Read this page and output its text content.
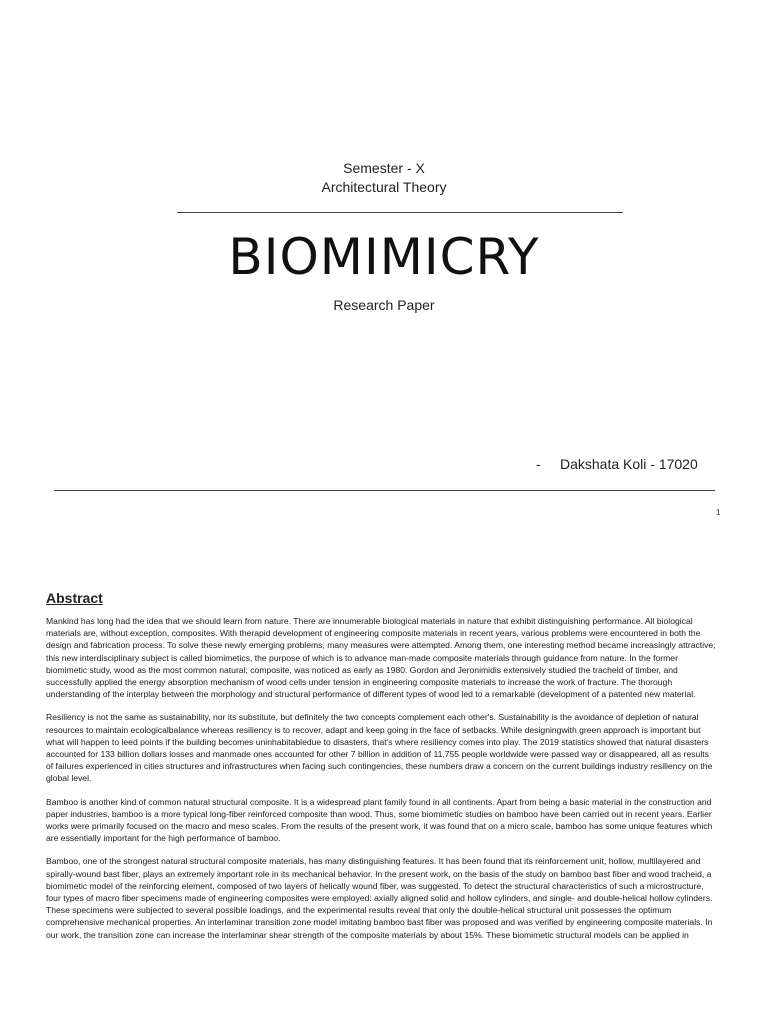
Semester - X
Architectural Theory
BIOMIMICRY
Research Paper
- Dakshata Koli - 17020
1
Abstract

Mankind has long had the idea that we should learn from nature. There are innumerable biological materials in nature that exhibit distinguishing performance. All biological materials are, without exception, composites. With therapid development of engineering composite materials in recent years, various problems were encountered in both the design and fabrication process. To solve these newly emerging problems, many measures were attempted. Among them, one interesting method became increasingly attractive; this new interdisciplinary subject is called biomimetics, the purpose of which is to advance man-made composite materials through guidance from nature. In the former biomimetic study, wood as the most common natural; composite, was noticed as early as 1980. Gordon and Jeronimidis extensively studied the tracheid of timber, and successfully applied the energy absorption mechanism of wood cells under tension in engineering composite materials to increase the work of fracture. The thorough understanding of the interplay between the morphology and structural performance of different types of wood led to a remarkable (development of a patented new material.

Resiliency is not the same as sustainability, nor its substitute, but definitely the two concepts complement each other's. Sustainability is the avoidance of depletion of natural resources to maintain ecologicalbalance whereas resiliency is to recover, adapt and keep going in the face of setbacks. While designingwith green approach is important but what will happen to leed points if the building becomes uninhabitabledue to disasters, that's where resiliency comes into play. The 2019 statistics showed that natural disasters accounted for 133 billion dollars losses and manmade ones accounted for other 7 billion in addition of 11,755 people worldwide were passed way or disappeared, all as results of failures experienced in cities structures and infrastructures when facing such contingencies, these numbers draw a concern on the current buildings industry resiliency on the global level.

Bamboo is another kind of common natural structural composite. It is a widespread plant family found in all continents. Apart from being a basic material in the construction and paper industries, bamboo is a more typical long-fiber reinforced composite than wood. Thus, some biomimetic studies on bamboo have been carried out in recent years. Earlier works were primarily focused on the macro and meso scales. From the results of the present work, it was found that on a micro scale, bamboo has some unique features which are essentially important for the high performance of bamboo.

Bamboo, one of the strongest natural structural composite materials, has many distinguishing features. It has been found that its reinforcement unit, hollow, multilayered and spirally-wound bast fiber, plays an extremely important role in its mechanical behavior. In the present work, on the basis of the study on bamboo bast fiber and wood tracheid, a biomimetic model of the reinforcing element, composed of two layers of helically wound fiber, was suggested. To detect the structural characteristics of such a microstructure, four types of macro fiber specimens made of engineering composites were employed: axially aligned solid and hollow cylinders, and single- and double-helical hollow cylinders. These specimens were subjected to several possible loadings, and the experimental results reveal that only the double-helical structural unit possesses the optimum comprehensive mechanical properties. An interlaminar transition zone model imitating bamboo bast fiber was proposed and was verified by engineering composite materials. In our work, the transition zone can increase the interlaminar shear strength of the composite materials by about 15%. These biomimetic structural models can be applied in
